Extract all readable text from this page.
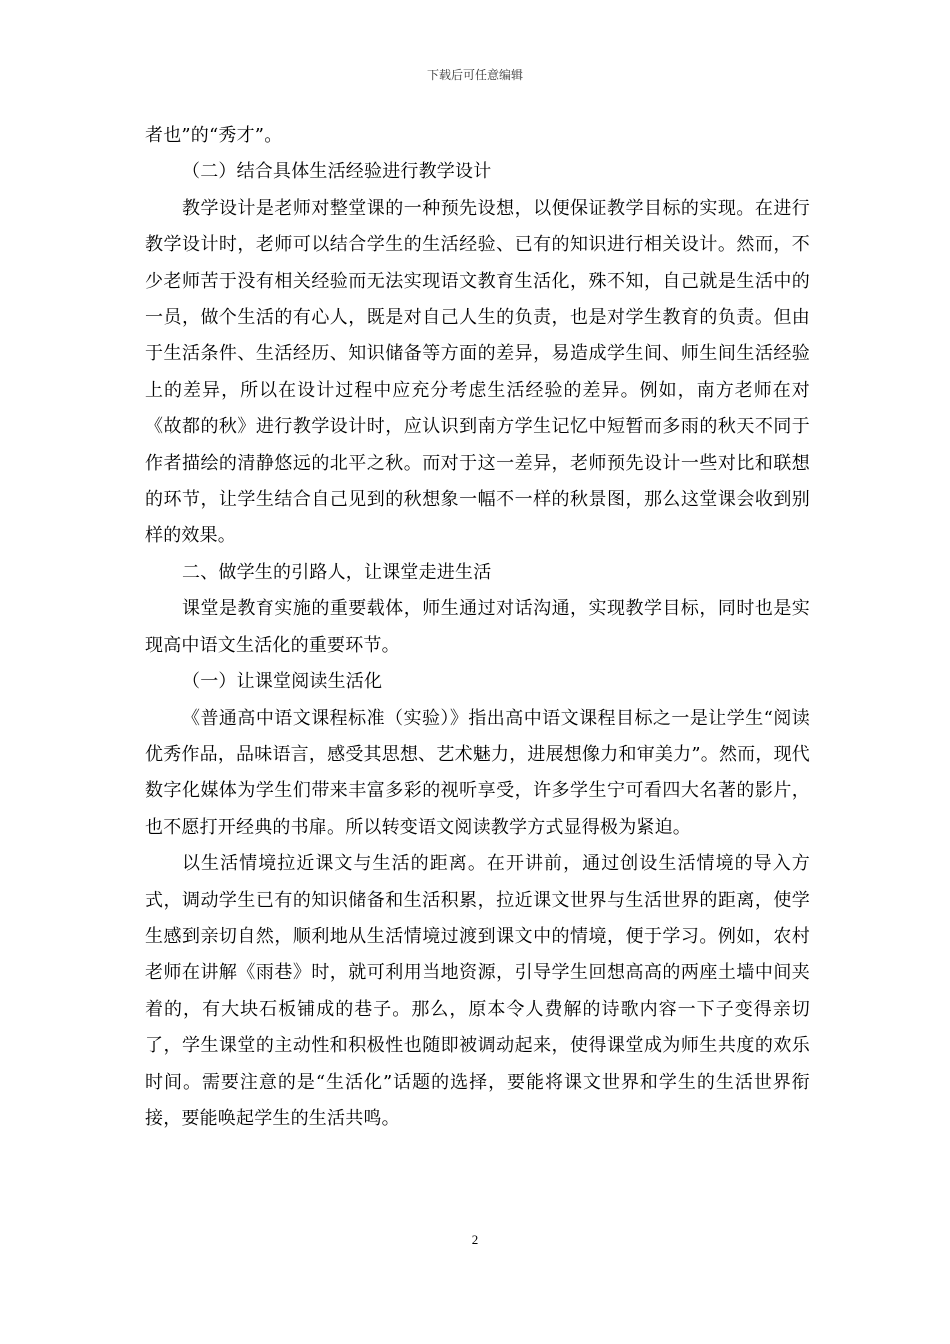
下载后可任意编辑

者也”的“秀才”。

（二）结合具体生活经验进行教学设计

教学设计是老师对整堂课的一种预先设想，以便保证教学目标的实现。在进行教学设计时，老师可以结合学生的生活经验、已有的知识进行相关设计。然而，不少老师苦于没有相关经验而无法实现语文教育生活化，殊不知，自己就是生活中的一员，做个生活的有心人，既是对自己人生的负责，也是对学生教育的负责。但由于生活条件、生活经历、知识储备等方面的差异，易造成学生间、师生间生活经验上的差异，所以在设计过程中应充分考虑生活经验的差异。例如，南方老师在对《故都的秋》进行教学设计时，应认识到南方学生记忆中短暂而多雨的秋天不同于作者描绘的清静悠远的北平之秋。而对于这一差异，老师预先设计一些对比和联想的环节，让学生结合自己见到的秋想象一幅不一样的秋景图，那么这堂课会收到别样的效果。

二、做学生的引路人，让课堂走进生活

课堂是教育实施的重要载体，师生通过对话沟通，实现教学目标，同时也是实现高中语文生活化的重要环节。

（一）让课堂阅读生活化

《普通高中语文课程标准（实验）》指出高中语文课程目标之一是让学生“阅读优秀作品，品味语言，感受其思想、艺术魅力，进展想像力和审美力”。然而，现代数字化媒体为学生们带来丰富多彩的视听享受，许多学生宁可看四大名著的影片，也不愿打开经典的书扉。所以转变语文阅读教学方式显得极为紧迫。

以生活情境拉近课文与生活的距离。在开讲前，通过创设生活情境的导入方式，调动学生已有的知识储备和生活积累，拉近课文世界与生活世界的距离，使学生感到亲切自然，顺利地从生活情境过渡到课文中的情境，便于学习。例如，农村老师在讲解《雨巷》时，就可利用当地资源，引导学生回想高高的两座土墙中间夹着的，有大块石板铺成的巷子。那么，原本令人费解的诗歌内容一下子变得亲切了，学生课堂的主动性和积极性也随即被调动起来，使得课堂成为师生共度的欢乐时间。需要注意的是“生活化”话题的选择，要能将课文世界和学生的生活世界衔接，要能唤起学生的生活共鸣。

2
